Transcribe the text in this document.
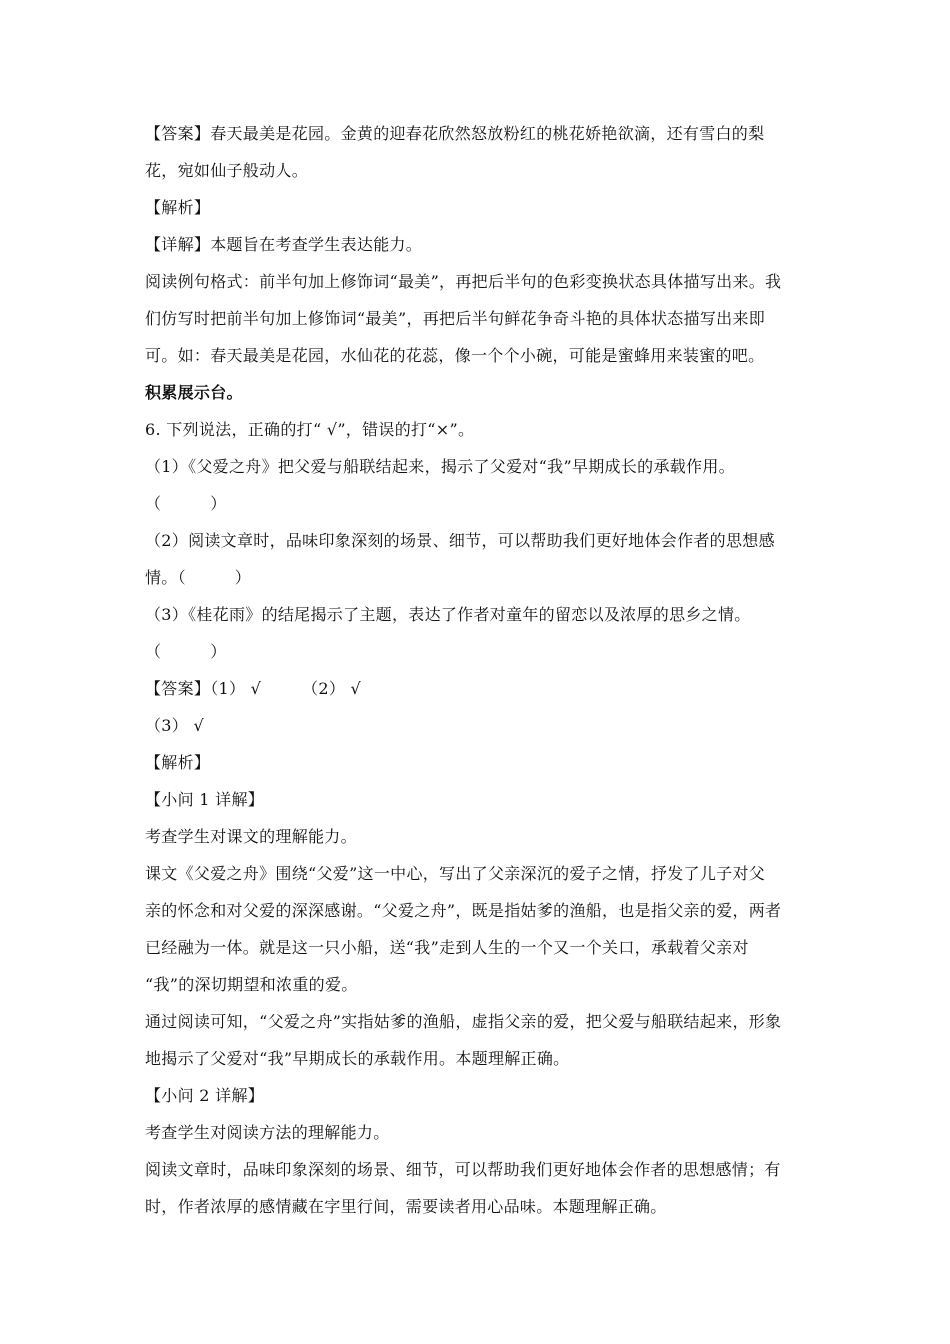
【答案】春天最美是花园。金黄的迎春花欣然怒放粉红的桃花娇艳欲滴，还有雪白的梨
花，宛如仙子般动人。
【解析】
【详解】本题旨在考查学生表达能力。
阅读例句格式：前半句加上修饰词“最美”，再把后半句的色彩变换状态具体描写出来。我
们仿写时把前半句加上修饰词“最美”，再把后半句鲜花争奇斗艳的具体状态描写出来即
可。如：春天最美是花园，水仙花的花蕊，像一个个小碗，可能是蜜蜂用来装蜜的吧。
积累展示台。
6. 下列说法，正确的打“ √”，错误的打“×”。
（1）《父爱之舟》把父爱与船联结起来，揭示了父爱对“我”早期成长的承载作用。
（　　　）
（2）阅读文章时，品味印象深刻的场景、细节，可以帮助我们更好地体会作者的思想感
情。（　　　）
（3）《桂花雨》的结尾揭示了主题，表达了作者对童年的留恋以及浓厚的思乡之情。
（　　　）
【答案】（1） √　　　（2） √
（3） √
【解析】
【小问 1 详解】
考查学生对课文的理解能力。
课文《父爱之舟》围绕“父爱”这一中心，写出了父亲深沉的爱子之情，抒发了儿子对父
亲的怀念和对父爱的深深感谢。“父爱之舟”，既是指姑爹的渔船，也是指父亲的爱，两者
已经融为一体。就是这一只小船，送“我”走到人生的一个又一个关口，承载着父亲对
“我”的深切期望和浓重的爱。
通过阅读可知，“父爱之舟”实指姑爹的渔船，虚指父亲的爱，把父爱与船联结起来，形象
地揭示了父爱对“我”早期成长的承载作用。本题理解正确。
【小问 2 详解】
考查学生对阅读方法的理解能力。
阅读文章时，品味印象深刻的场景、细节，可以帮助我们更好地体会作者的思想感情；有
时，作者浓厚的感情藏在字里行间，需要读者用心品味。本题理解正确。
